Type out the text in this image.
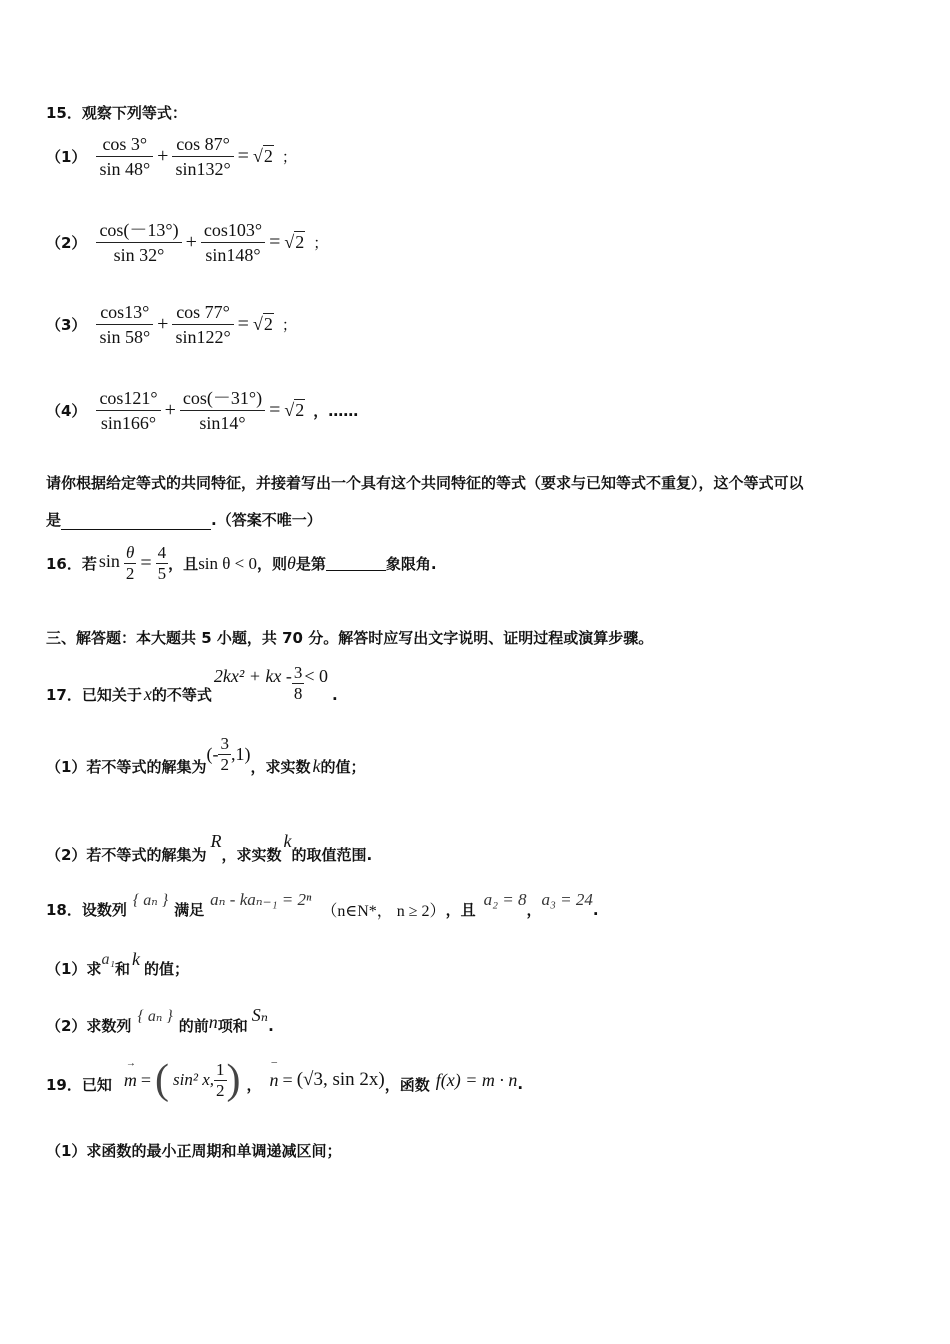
15．观察下列等式：
$(1) \frac{\cos 3^\circ}{\sin 48^\circ} + \frac{\cos 87^\circ}{\sin 132^\circ} = √2$ ；
$(2) \frac{\cos(-13^\circ)}{\sin 32^\circ} + \frac{\cos 103^\circ}{\sin 148^\circ} = √2$ ；
$(3) \frac{\cos 13^\circ}{\sin 58^\circ} + \frac{\cos 77^\circ}{\sin 122^\circ} = √2$ ；
$(4) \frac{\cos 121^\circ}{\sin 166^\circ} + \frac{\cos(-31^\circ)}{\sin 14^\circ} = √2$ ，……
请你根据给定等式的共同特征，并接着写出一个具有这个共同特征的等式（要求与已知等式不重复），这个等式可以
是	.（答案不唯一）
16．若 $\sin \frac{\theta}{2} = \frac{4}{5}$ ，且 sin θ < 0 ，则 θ 是第	象限角.
三、解答题：本大题共 5 小题，共 70 分。解答时应写出文字说明、证明过程或演算步骤。
17．已知关于 x 的不等式
2kx² + kx - 3
8
< 0
.
（1）若不等式的解集为
(-
3
2
,1)
，求实数 k 的值；
（2）若不等式的解集为
R
，求实数
k
的取值范围.
18．设数列
{ aₙ }
满足
aₙ - kaₙ₋₁ = 2ⁿ
（n∈N*， n ≥ 2） ，且
a₂ = 8
，
a₃ = 24
.
（1）求
a₁
和 k 的值；
（2）求数列
{ aₙ }
的前 n 项和
Sₙ
.
19．已知 → m = ( sin² x,
1
2 ) ， – n = (√3, sin 2x) ，函数 f(x) = m · n .
（1）求函数的最小正周期和单调递减区间；
